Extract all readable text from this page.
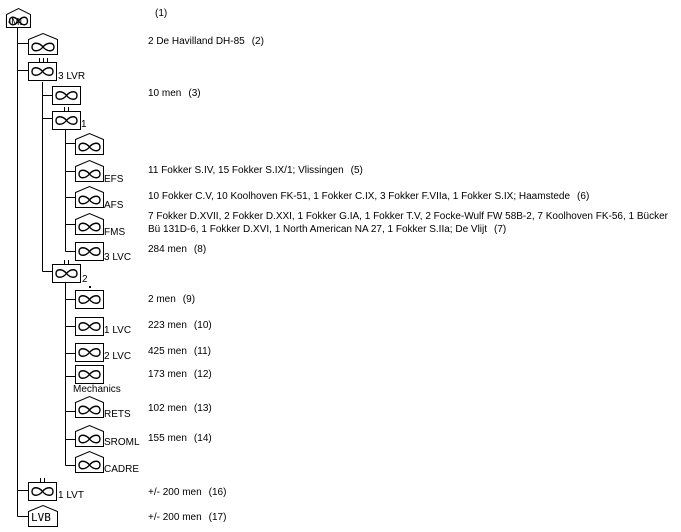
I-ML
3 LVR
1
EFS
AFS
FMS
3 LVC
2
1 LVC
2 LVC
Mechanics
RETS
SROML
CADRE
1 LVT
LVB
(1)
2 De Havilland DH-85 (2)
10 men (3)
11 Fokker S.IV, 15 Fokker S.IX/1; Vlissingen (5)
10 Fokker C.V, 10 Koolhoven FK-51, 1 Fokker C.IX, 3 Fokker F.VIIa, 1 Fokker S.IX; Haamstede (6)
7 Fokker D.XVII, 2 Fokker D.XXI, 1 Fokker G.IA, 1 Fokker T.V, 2 Focke-Wulf FW 58B-2, 7 Koolhoven FK-56, 1 Bücker Bü 131D-6, 1 Fokker D.XVI, 1 North American NA 27, 1 Fokker S.IIa; De Vlijt (7)
284 men (8)
2 men (9)
223 men (10)
425 men (11)
173 men (12)
102 men (13)
155 men (14)
+/- 200 men (16)
+/- 200 men (17)
